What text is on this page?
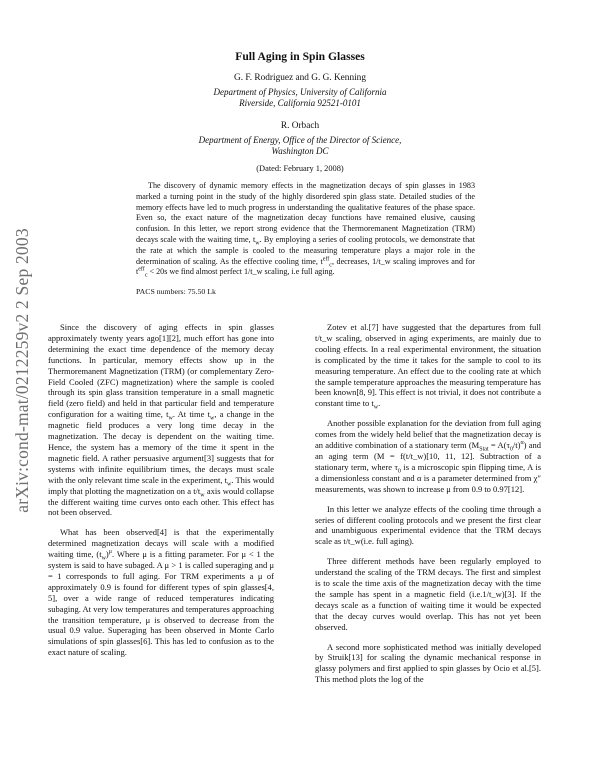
arXiv:cond-mat/0212259v2 2 Sep 2003
Full Aging in Spin Glasses
G. F. Rodriguez and G. G. Kenning
Department of Physics, University of California
Riverside, California 92521-0101
R. Orbach
Department of Energy, Office of the Director of Science,
Washington DC
(Dated: February 1, 2008)
The discovery of dynamic memory effects in the magnetization decays of spin glasses in 1983 marked a turning point in the study of the highly disordered spin glass state. Detailed studies of the memory effects have led to much progress in understanding the qualitative features of the phase space. Even so, the exact nature of the magnetization decay functions have remained elusive, causing confusion. In this letter, we report strong evidence that the Thermoremanent Magnetization (TRM) decays scale with the waiting time, $t_w$. By employing a series of cooling protocols, we demonstrate that the rate at which the sample is cooled to the measuring temperature plays a major role in the determination of scaling. As the effective cooling time, $t^{eff}_c$, decreases, 1/t_w scaling improves and for $t^{eff}_c < 20s$ we find almost perfect 1/t_w scaling, i.e full aging.
PACS numbers: 75.50 Lk

Since the discovery of aging effects in spin glasses approximately twenty years ago[1][2], much effort has gone into determining the exact time dependence of the memory decay functions. In particular, memory effects show up in the Thermoremanent Magnetization (TRM) (or complementary Zero-Field Cooled (ZFC) magnetization) where the sample is cooled through its spin glass transition temperature in a small magnetic field (zero field) and held in that particular field and temperature configuration for a waiting time, $t_w$. At time $t_w$, a change in the magnetic field produces a very long time decay in the magnetization. The decay is dependent on the waiting time. Hence, the system has a memory of the time it spent in the magnetic field. A rather persuasive argument[3] suggests that for systems with infinite equilibrium times, the decays must scale with the only relevant time scale in the experiment, $t_w$. This would imply that plotting the magnetization on a $t/t_w$ axis would collapse the different waiting time curves onto each other. This effect has not been observed.

What has been observed[4] is that the experimentally determined magnetization decays will scale with a modified waiting time, $(t_w)^\mu$. Where μ is a fitting parameter. For μ < 1 the system is said to have subaged. A μ > 1 is called superaging and μ = 1 corresponds to full aging. For TRM experiments a μ of approximately 0.9 is found for different types of spin glasses[4, 5], over a wide range of reduced temperatures indicating subaging. At very low temperatures and temperatures approaching the transition temperature, μ is observed to decrease from the usual 0.9 value. Superaging has been observed in Monte Carlo simulations of spin glasses[6]. This has led to confusion as to the exact nature of scaling.

Zotev et al.[7] have suggested that the departures from full t/t_w scaling, observed in aging experiments, are mainly due to cooling effects. In a real experimental environment, the situation is complicated by the time it takes for the sample to cool to its measuring temperature. An effect due to the cooling rate at which the sample temperature approaches the measuring temperature has been known[8, 9]. This effect is not trivial, it does not contribute a constant time to $t_w$.

Another possible explanation for the deviation from full aging comes from the widely held belief that the magnetization decay is an additive combination of a stationary term $(M_{Stat} = A(\tau_0/t)^\alpha)$ and an aging term (M = f(t/t_w)[10, 11, 12]. Subtraction of a stationary term, where $\tau_0$ is a microscopic spin flipping time, A is a dimensionless constant and α is a parameter determined from χ″ measurements, was shown to increase μ from 0.9 to 0.97[12].

In this letter we analyze effects of the cooling time through a series of different cooling protocols and we present the first clear and unambiguous experimental evidence that the TRM decays scale as t/t_w(i.e. full aging).

Three different methods have been regularly employed to understand the scaling of the TRM decays. The first and simplest is to scale the time axis of the magnetization decay with the time the sample has spent in a magnetic field (i.e.1/t_w)[3]. If the decays scale as a function of waiting time it would be expected that the decay curves would overlap. This has not yet been observed.

A second more sophisticated method was initially developed by Struik[13] for scaling the dynamic mechanical response in glassy polymers and first applied to spin glasses by Ocio et al.[5]. This method plots the log of the
